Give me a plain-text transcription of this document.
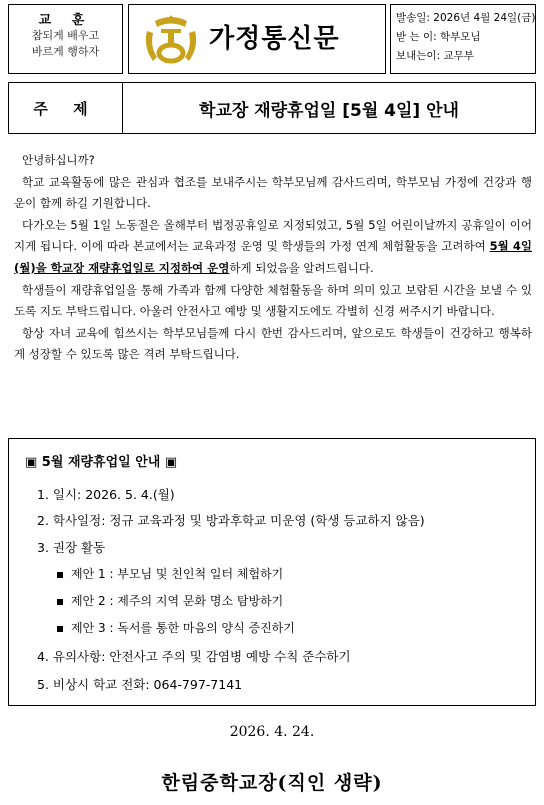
교 훈
참되게 배우고
바르게 행하자	가정통신문
발송일: 2026년 4월 24일(금)
받 는 이: 학부모님
보내는이: 교무부
주 제	학교장 재량휴업일 [5월 4일] 안내

안녕하십니까?

학교 교육활동에 많은 관심과 협조를 보내주시는 학부모님께 감사드리며, 학부모님 가정에 건강과 행운이 함께 하길 기원합니다.

다가오는 5월 1일 노동절은 올해부터 법정공휴일로 지정되었고, 5월 5일 어린이날까지 공휴일이 이어지게 됩니다. 이에 따라 본교에서는 교육과정 운영 및 학생들의 가정 연계 체험활동을 고려하여 5월 4일(월)을 학교장 재량휴업일로 지정하여 운영하게 되었음을 알려드립니다.

학생들이 재량휴업일을 통해 가족과 함께 다양한 체험활동을 하며 의미 있고 보람된 시간을 보낼 수 있도록 지도 부탁드립니다. 아울러 안전사고 예방 및 생활지도에도 각별히 신경 써주시기 바랍니다.

항상 자녀 교육에 힘쓰시는 학부모님들께 다시 한번 감사드리며, 앞으로도 학생들이 건강하고 행복하게 성장할 수 있도록 많은 격려 부탁드립니다.

▣ 5월 재량휴업일 안내 ▣
1. 일시: 2026. 5. 4.(월)
2. 학사일정: 정규 교육과정 및 방과후학교 미운영 (학생 등교하지 않음)
3. 권장 활동
제안 1 : 부모님 및 친인척 일터 체험하기
제안 2 : 제주의 지역 문화 명소 탐방하기
제안 3 : 독서를 통한 마음의 양식 증진하기
4. 유의사항: 안전사고 주의 및 감염병 예방 수칙 준수하기
5. 비상시 학교 전화: 064-797-7141
2026. 4. 24.
한림중학교장(직인 생략)
